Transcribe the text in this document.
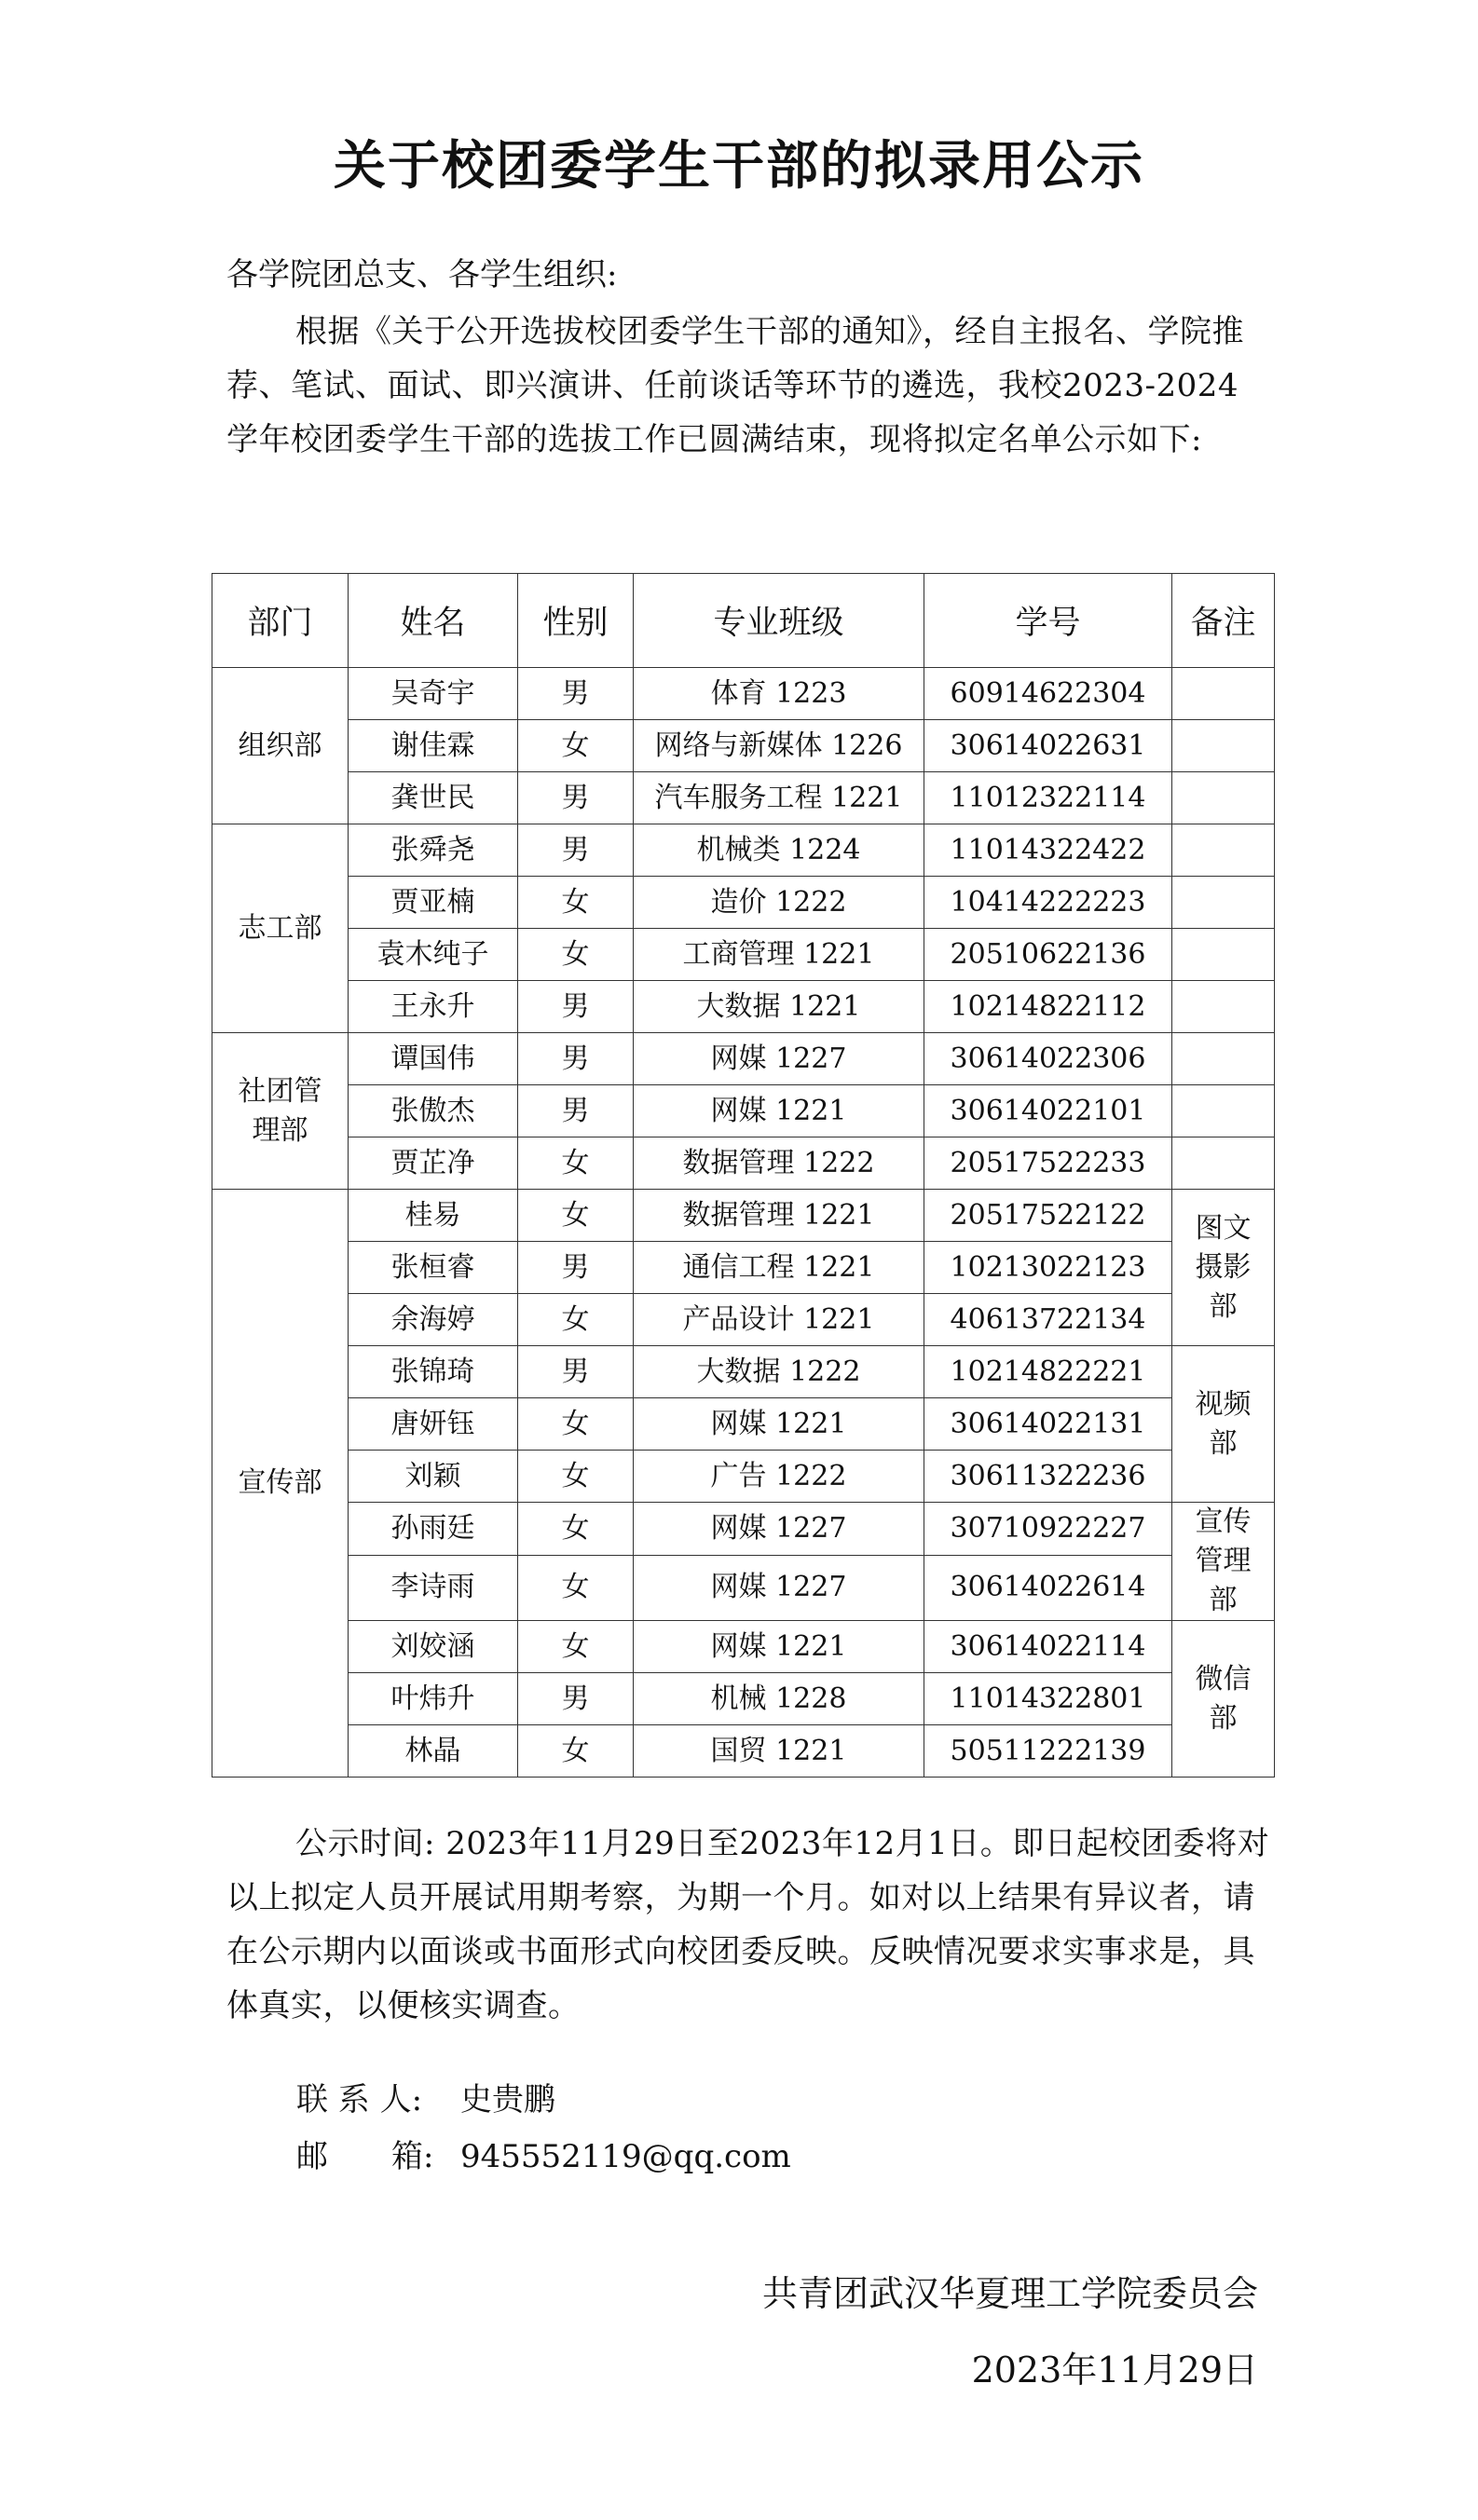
关于校团委学生干部的拟录用公示
各学院团总支、各学生组织:
根据《关于公开选拔校团委学生干部的通知》，经自主报名、学院推荐、笔试、面试、即兴演讲、任前谈话等环节的遴选，我校2023-2024学年校团委学生干部的选拔工作已圆满结束，现将拟定名单公示如下:
部门	姓名	性别	专业班级	学号	备注
组织部	吴奇宇	男	体育 1223	60914622304	
	谢佳霖	女	网络与新媒体 1226	30614022631	
	龚世民	男	汽车服务工程 1221	11012322114	
志工部	张舜尧	男	机械类 1224	11014322422	
	贾亚楠	女	造价 1222	10414222223	
	袁木纯子	女	工商管理 1221	20510622136	
	王永升	男	大数据 1221	10214822112	
社团管理部	谭国伟	男	网媒 1227	30614022306	
	张傲杰	男	网媒 1221	30614022101	
	贾芷净	女	数据管理 1222	20517522233	
宣传部	桂易	女	数据管理 1221	20517522122	图文摄影部
	张桓睿	男	通信工程 1221	10213022123	
	余海婷	女	产品设计 1221	40613722134	
	张锦琦	男	大数据 1222	10214822221	视频部
	唐妍钰	女	网媒 1221	30614022131	
	刘颖	女	广告 1222	30611322236	
	孙雨廷	女	网媒 1227	30710922227	宣传管理部
	李诗雨	女	网媒 1227	30614022614	
	刘姣涵	女	网媒 1221	30614022114	微信部
	叶炜升	男	机械 1228	11014322801	
	林晶	女	国贸 1221	50511222139	
公示时间: 2023年11月29日至2023年12月1日。即日起校团委将对以上拟定人员开展试用期考察，为期一个月。如对以上结果有异议者，请在公示期内以面谈或书面形式向校团委反映。反映情况要求实事求是，具体真实，以便核实调查。
联 系 人: 史贵鹏
邮　　箱: 945552119@qq.com
共青团武汉华夏理工学院委员会
2023年11月29日
